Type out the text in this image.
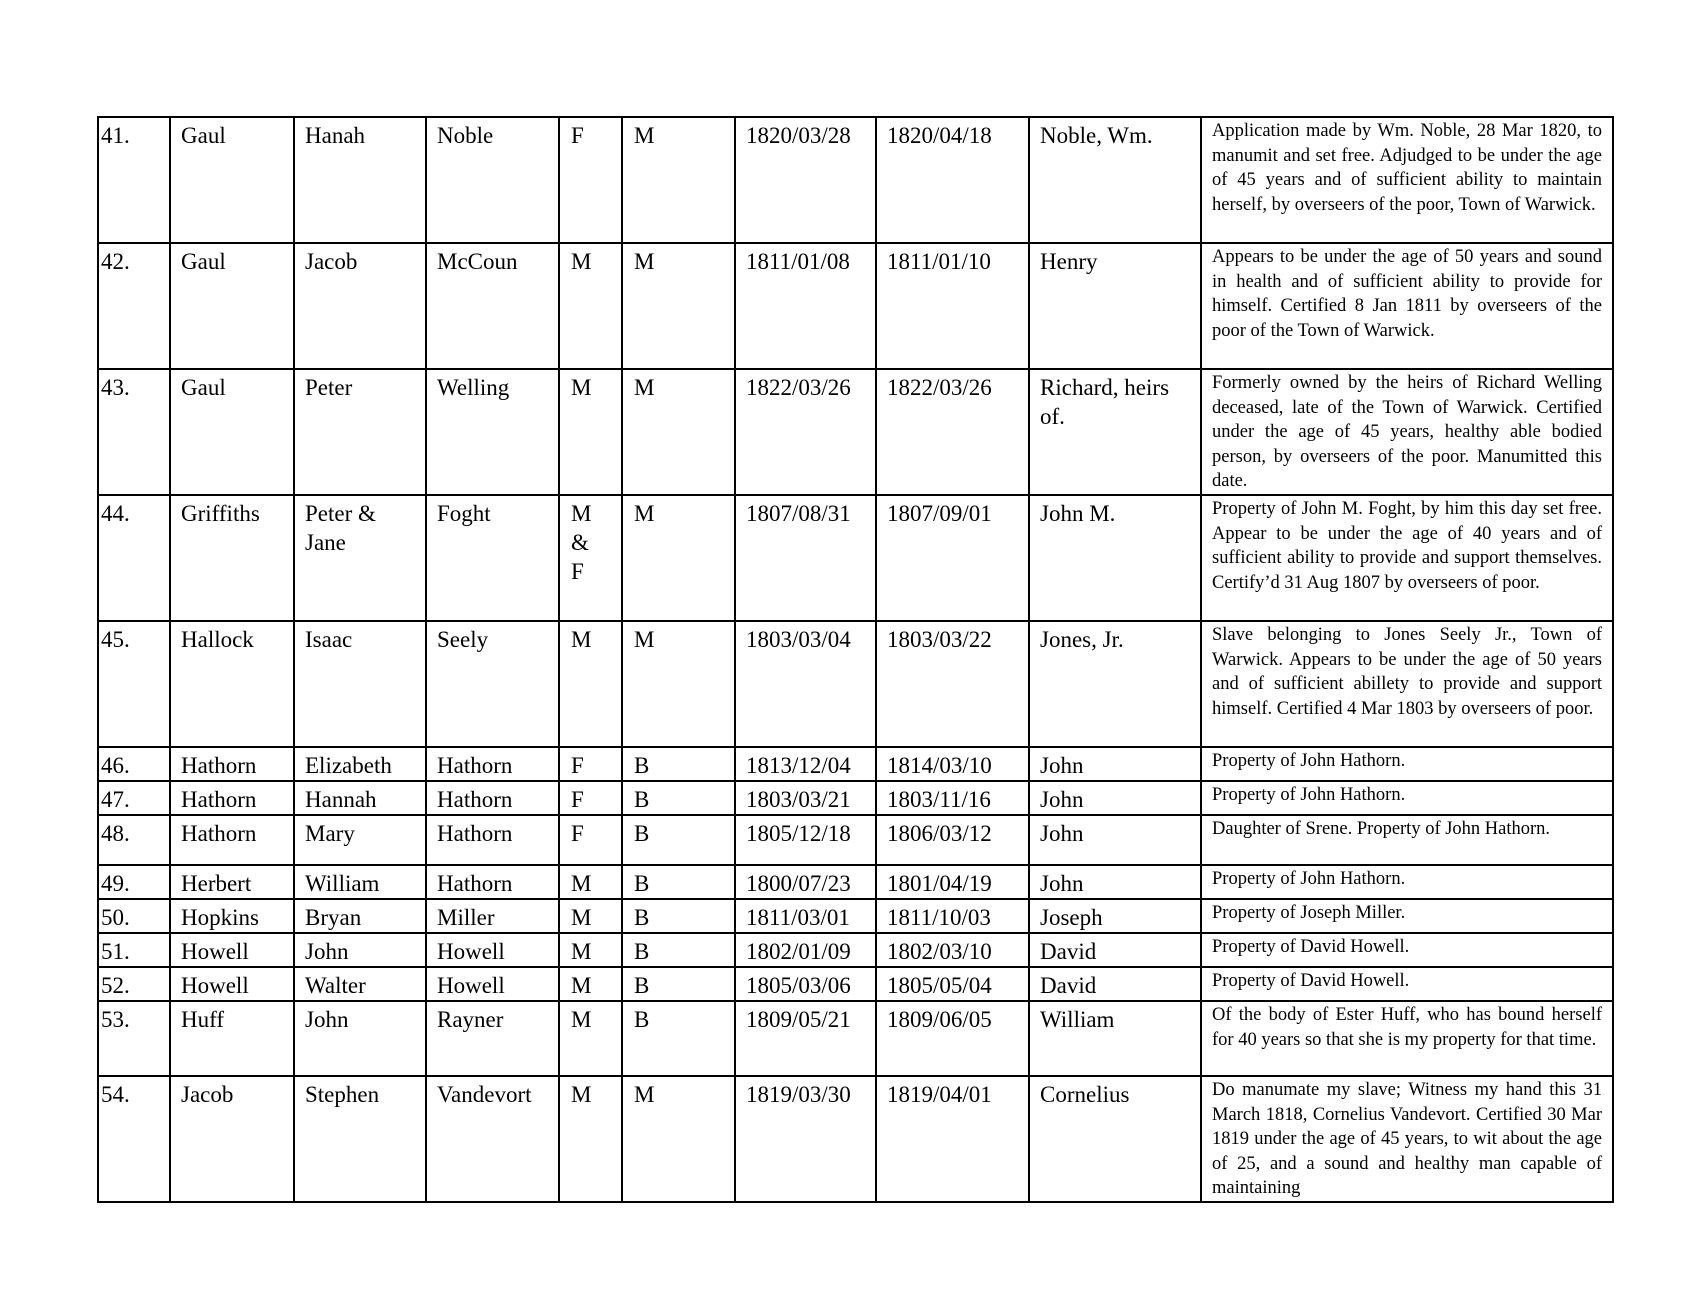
41.	Gaul	Hanah	Noble	F	M	1820/03/28	1820/04/18	Noble, Wm.	Application made by Wm. Noble, 28 Mar 1820, to manumit and set free. Adjudged to be under the age of 45 years and of sufficient ability to maintain herself, by overseers of the poor, Town of Warwick.
42.	Gaul	Jacob	McCoun	M	M	1811/01/08	1811/01/10	Henry	Appears to be under the age of 50 years and sound in health and of sufficient ability to provide for himself. Certified 8 Jan 1811 by overseers of the poor of the Town of Warwick.
43.	Gaul	Peter	Welling	M	M	1822/03/26	1822/03/26	Richard, heirs of.	Formerly owned by the heirs of Richard Welling deceased, late of the Town of Warwick. Certified under the age of 45 years, healthy able bodied person, by overseers of the poor. Manumitted this date.
44.	Griffiths	Peter & Jane	Foght	M & F	M	1807/08/31	1807/09/01	John M.	Property of John M. Foght, by him this day set free. Appear to be under the age of 40 years and of sufficient ability to provide and support themselves. Certify’d 31 Aug 1807 by overseers of poor.
45.	Hallock	Isaac	Seely	M	M	1803/03/04	1803/03/22	Jones, Jr.	Slave belonging to Jones Seely Jr., Town of Warwick. Appears to be under the age of 50 years and of sufficient abillety to provide and support himself. Certified 4 Mar 1803 by overseers of poor.
46.	Hathorn	Elizabeth	Hathorn	F	B	1813/12/04	1814/03/10	John	Property of John Hathorn.
47.	Hathorn	Hannah	Hathorn	F	B	1803/03/21	1803/11/16	John	Property of John Hathorn.
48.	Hathorn	Mary	Hathorn	F	B	1805/12/18	1806/03/12	John	Daughter of Srene. Property of John Hathorn.
49.	Herbert	William	Hathorn	M	B	1800/07/23	1801/04/19	John	Property of John Hathorn.
50.	Hopkins	Bryan	Miller	M	B	1811/03/01	1811/10/03	Joseph	Property of Joseph Miller.
51.	Howell	John	Howell	M	B	1802/01/09	1802/03/10	David	Property of David Howell.
52.	Howell	Walter	Howell	M	B	1805/03/06	1805/05/04	David	Property of David Howell.
53.	Huff	John	Rayner	M	B	1809/05/21	1809/06/05	William	Of the body of Ester Huff, who has bound herself for 40 years so that she is my property for that time.
54.	Jacob	Stephen	Vandevort	M	M	1819/03/30	1819/04/01	Cornelius	Do manumate my slave; Witness my hand this 31 March 1818, Cornelius Vandevort. Certified 30 Mar 1819 under the age of 45 years, to wit about the age of 25, and a sound and healthy man capable of maintaining
